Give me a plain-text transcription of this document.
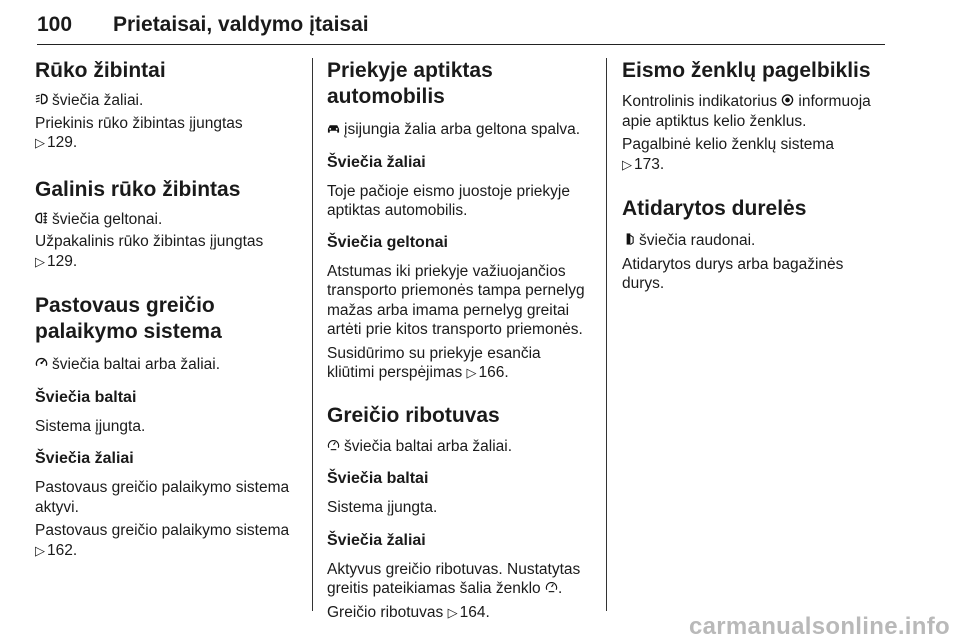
100 Prietaisai, valdymo įtaisai
Rūko žibintai

šviečia žaliai.

Priekinis rūko žibintas įjungtas

▷ 129.

Galinis rūko žibintas

šviečia geltonai.

Užpakalinis rūko žibintas įjungtas

▷ 129.

Pastovaus greičio
palaikymo sistema

šviečia baltai arba žaliai.

Šviečia baltai

Sistema įjungta.

Šviečia žaliai

Pastovaus greičio palaikymo sistema

aktyvi.

Pastovaus greičio palaikymo sistema

▷ 162.

Priekyje aptiktas
automobilis

įsijungia žalia arba geltona spalva.

Šviečia žaliai

Toje pačioje eismo juostoje priekyje

aptiktas automobilis.

Šviečia geltonai

Atstumas iki priekyje važiuojančios

transporto priemonės tampa pernelyg

mažas arba imama pernelyg greitai

artėti prie kitos transporto priemonės.

Susidūrimo su priekyje esančia

kliūtimi perspėjimas ▷ 166.

Greičio ribotuvas

šviečia baltai arba žaliai.

Šviečia baltai

Sistema įjungta.

Šviečia žaliai

Aktyvus greičio ribotuvas. Nustatytas

greitis pateikiamas šalia ženklo .

Greičio ribotuvas ▷ 164.

Eismo ženklų pagelbiklis

Kontrolinis indikatorius informuoja

apie aptiktus kelio ženklus.

Pagalbinė kelio ženklų sistema

▷ 173.

Atidarytos durelės

šviečia raudonai.

Atidarytos durys arba bagažinės

durys.

carmanualsonline.info
